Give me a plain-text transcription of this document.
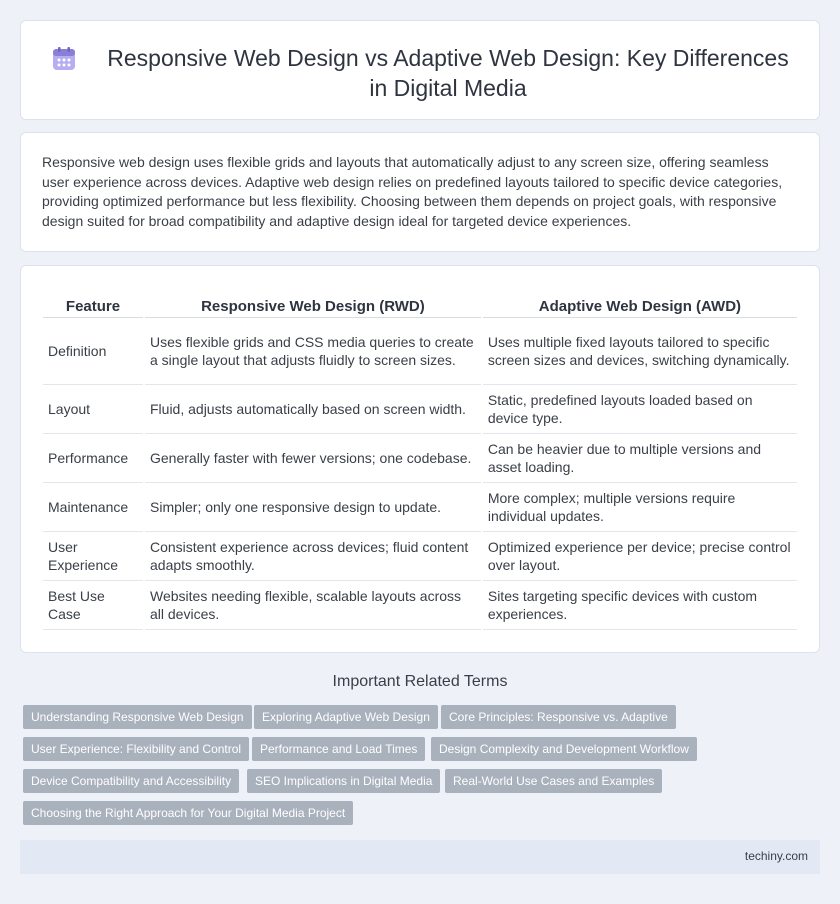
Responsive Web Design vs Adaptive Web Design: Key Differences in Digital Media

Responsive web design uses flexible grids and layouts that automatically adjust to any screen size, offering seamless user experience across devices. Adaptive web design relies on predefined layouts tailored to specific device categories, providing optimized performance but less flexibility. Choosing between them depends on project goals, with responsive design suited for broad compatibility and adaptive design ideal for targeted device experiences.

Feature	Responsive Web Design (RWD)	Adaptive Web Design (AWD)
Definition	Uses flexible grids and CSS media queries to create a single layout that adjusts fluidly to screen sizes.	Uses multiple fixed layouts tailored to specific screen sizes and devices, switching dynamically.
Layout	Fluid, adjusts automatically based on screen width.	Static, predefined layouts loaded based on device type.
Performance	Generally faster with fewer versions; one codebase.	Can be heavier due to multiple versions and asset loading.
Maintenance	Simpler; only one responsive design to update.	More complex; multiple versions require individual updates.
User Experience	Consistent experience across devices; fluid content adapts smoothly.	Optimized experience per device; precise control over layout.
Best Use Case	Websites needing flexible, scalable layouts across all devices.	Sites targeting specific devices with custom experiences.
Important Related Terms
Understanding Responsive Web Design	Exploring Adaptive Web Design	Core Principles: Responsive vs. Adaptive
User Experience: Flexibility and Control	Performance and Load Times	Design Complexity and Development Workflow
Device Compatibility and Accessibility	SEO Implications in Digital Media	Real-World Use Cases and Examples
Choosing the Right Approach for Your Digital Media Project
techiny.com
